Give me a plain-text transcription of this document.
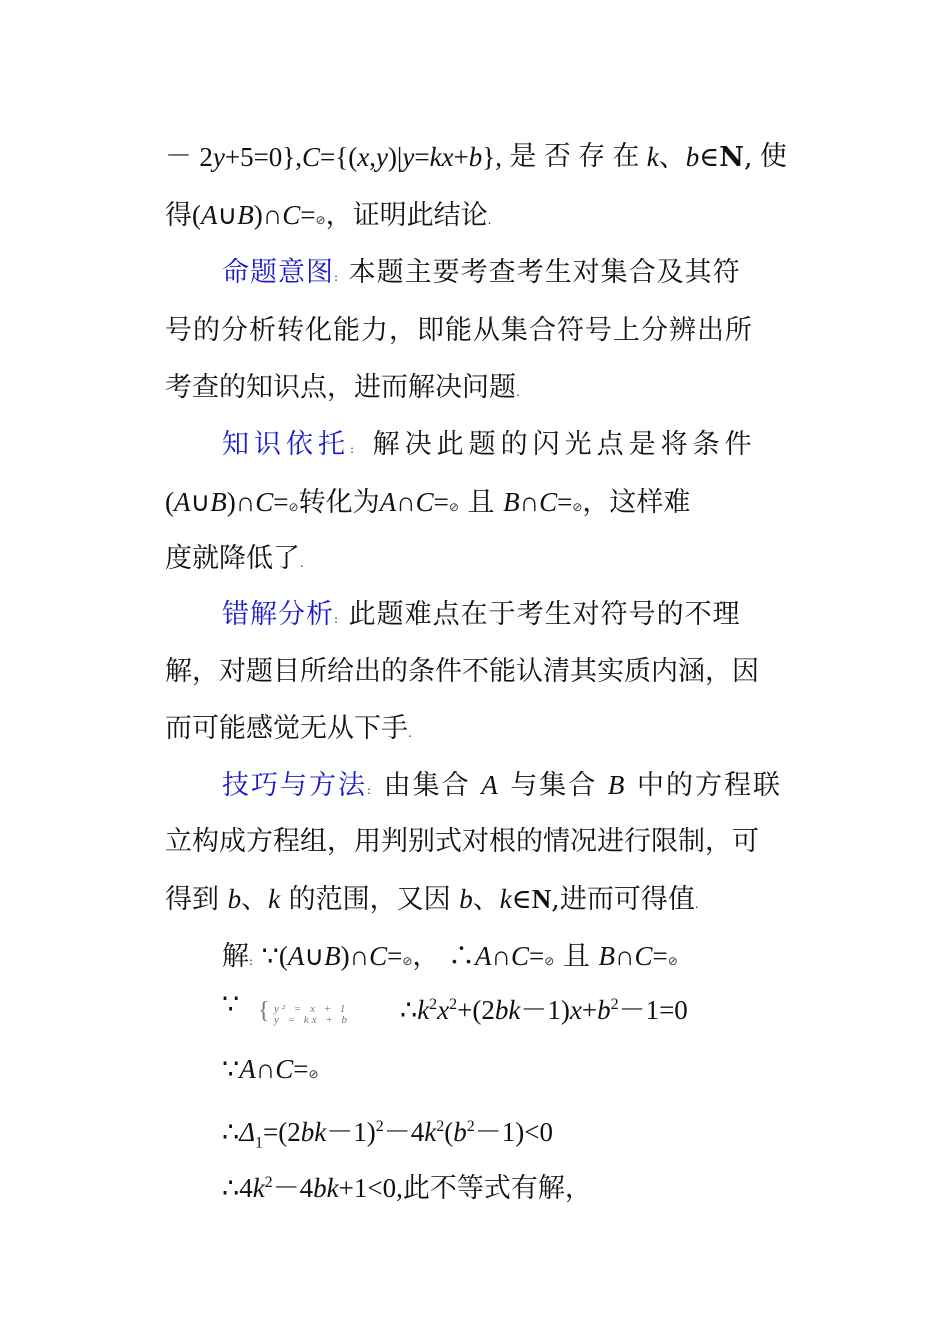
－ 2y+5=0},C={(x,y)|y=kx+b}, 是 否 存 在 k、b∈N, 使
得(A∪B)∩C=⊘，证明此结论.
命题意图: 本题主要考查考生对集合及其符
号的分析转化能力，即能从集合符号上分辨出所
考查的知识点，进而解决问题.
知识依托: 解决此题的闪光点是将条件
(A∪B)∩C=⊘转化为A∩C=⊘ 且 B∩C=⊘，这样难
度就降低了.
错解分析: 此题难点在于考生对符号的不理
解，对题目所给出的条件不能认清其实质内涵，因
而可能感觉无从下手.
技巧与方法: 由集合 A 与集合 B 中的方程联
立构成方程组，用判别式对根的情况进行限制，可
得到 b、k 的范围，又因 b、k∈N,进而可得值.
解: ∵(A∪B)∩C=⊘， ∴A∩C=⊘ 且 B∩C=⊘
∵ { y² = x + 1
y = kx + b $\therefore k^2x^2+(2bk-1)x+b^2-1=0$
∵A∩C=⊘
$\therefore\Delta_1=(2bk-1)^2-4k^2(b^2-1)<0$
$\therefore 4k^2-4bk+1<0$,此不等式有解，
